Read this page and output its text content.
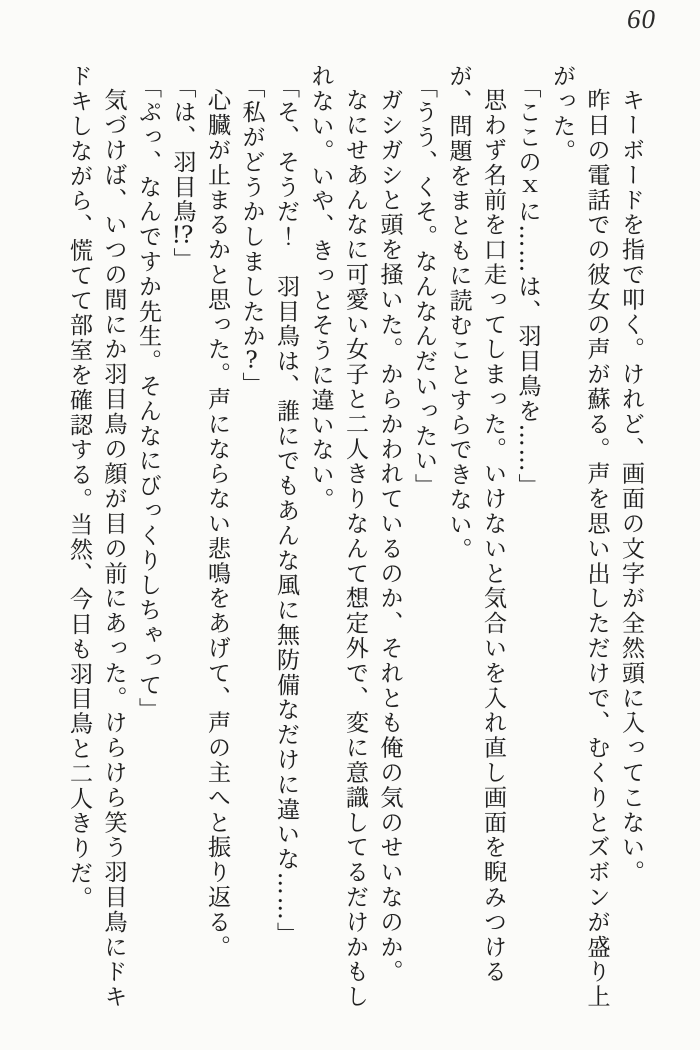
60

キーボードを指で叩く。けれど、画面の文字が全然頭に入ってこない。

昨日の電話での彼女の声が蘇る。声を思い出しただけで、むくりとズボンが盛り上がった。

「ここのｘに……は、羽目鳥を……」

思わず名前を口走ってしまった。いけないと気合いを入れ直し画面を睨みつけるが、問題をまともに読むことすらできない。

「うう、くそ。なんなんだいったい」

ガシガシと頭を掻いた。からかわれているのか、それとも俺の気のせいなのか。

なにせあんなに可愛い女子と二人きりなんて想定外で、変に意識してるだけかもしれない。いや、きっとそうに違いない。

「そ、そうだ！　羽目鳥は、誰にでもあんな風に無防備なだけに違いな……」

「私がどうかしましたか?」

心臓が止まるかと思った。声にならない悲鳴をあげて、声の主へと振り返る。

「は、羽目鳥!?」

「ぷっ、なんですか先生。そんなにびっくりしちゃって」

気づけば、いつの間にか羽目鳥の顔が目の前にあった。けらけら笑う羽目鳥にドキドキしながら、慌てて部室を確認する。当然、今日も羽目鳥と二人きりだ。
